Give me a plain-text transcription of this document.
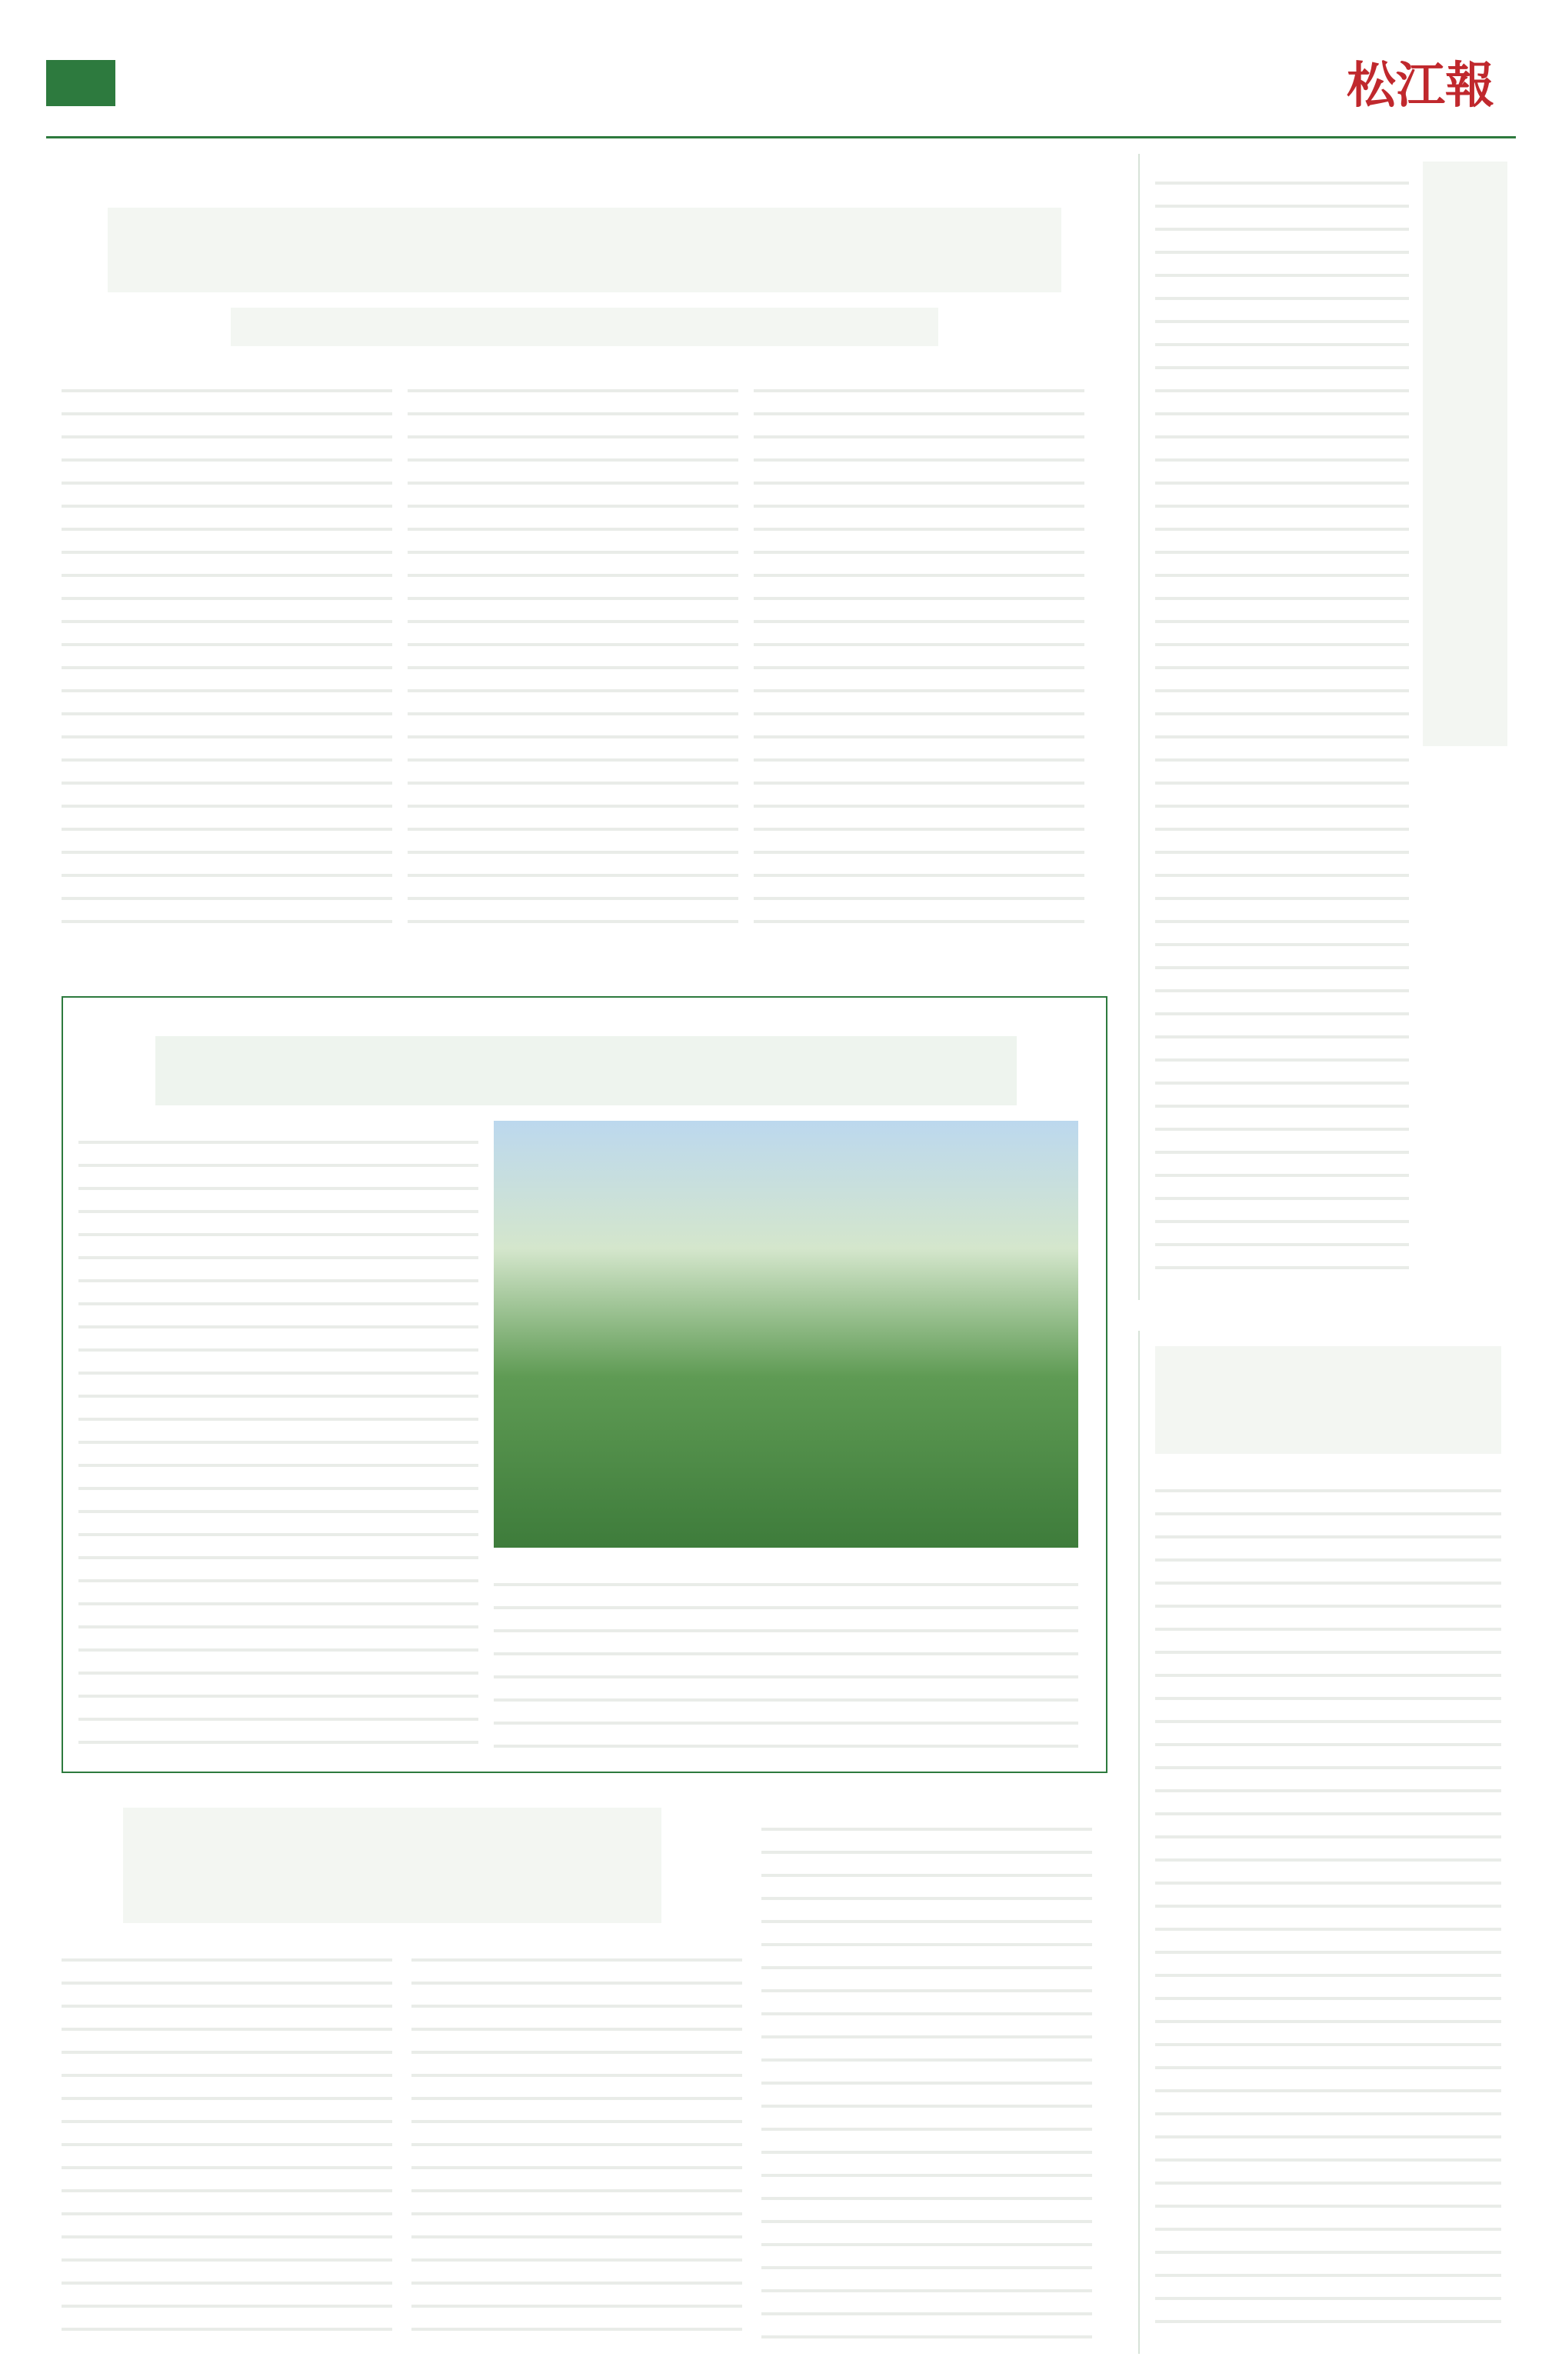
松江報
